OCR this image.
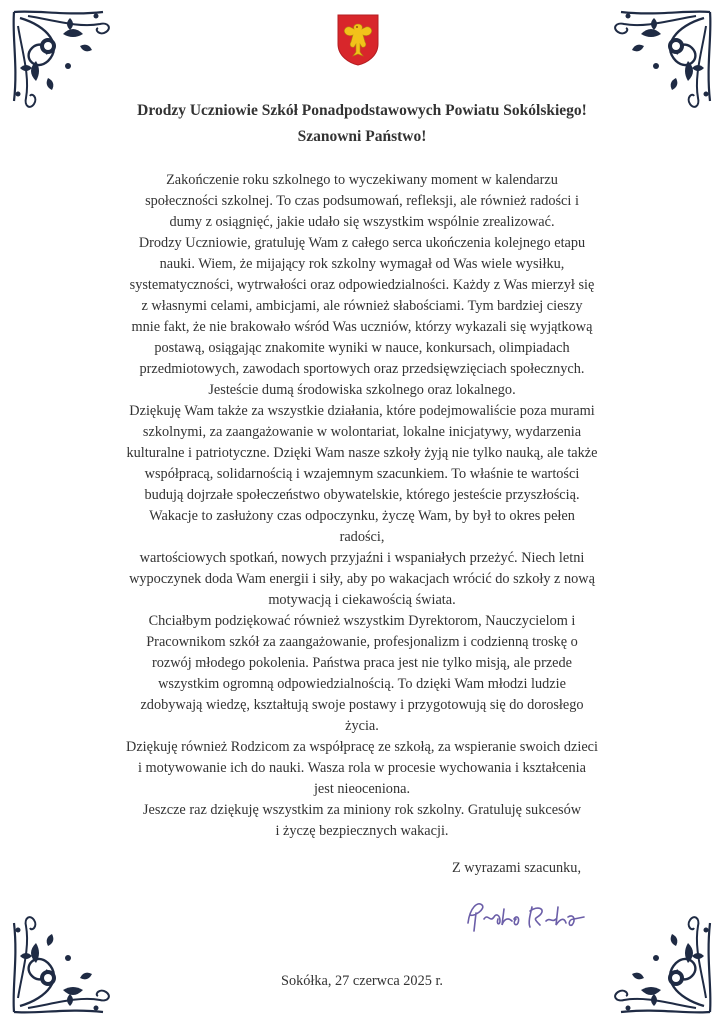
Drodzy Uczniowie Szkół Ponadpodstawowych Powiatu Sokólskiego!
Szanowni Państwo!

Zakończenie roku szkolnego to wyczekiwany moment w kalendarzu

społeczności szkolnej. To czas podsumowań, refleksji, ale również radości i

dumy z osiągnięć, jakie udało się wszystkim wspólnie zrealizować.

Drodzy Uczniowie, gratuluję Wam z całego serca ukończenia kolejnego etapu

nauki. Wiem, że mijający rok szkolny wymagał od Was wiele wysiłku,

systematyczności, wytrwałości oraz odpowiedzialności. Każdy z Was mierzył się

z własnymi celami, ambicjami, ale również słabościami. Tym bardziej cieszy

mnie fakt, że nie brakowało wśród Was uczniów, którzy wykazali się wyjątkową

postawą, osiągając znakomite wyniki w nauce, konkursach, olimpiadach

przedmiotowych, zawodach sportowych oraz przedsięwzięciach społecznych.

Jesteście dumą środowiska szkolnego oraz lokalnego.

Dziękuję Wam także za wszystkie działania, które podejmowaliście poza murami

szkolnymi, za zaangażowanie w wolontariat, lokalne inicjatywy, wydarzenia

kulturalne i patriotyczne. Dzięki Wam nasze szkoły żyją nie tylko nauką, ale także

współpracą, solidarnością i wzajemnym szacunkiem. To właśnie te wartości

budują dojrzałe społeczeństwo obywatelskie, którego jesteście przyszłością.

Wakacje to zasłużony czas odpoczynku, życzę Wam, by był to okres pełen

radości,

wartościowych spotkań, nowych przyjaźni i wspaniałych przeżyć. Niech letni

wypoczynek doda Wam energii i siły, aby po wakacjach wrócić do szkoły z nową

motywacją i ciekawością świata.

Chciałbym podziękować również wszystkim Dyrektorom, Nauczycielom i

Pracownikom szkół za zaangażowanie, profesjonalizm i codzienną troskę o

rozwój młodego pokolenia. Państwa praca jest nie tylko misją, ale przede

wszystkim ogromną odpowiedzialnością. To dzięki Wam młodzi ludzie

zdobywają wiedzę, kształtują swoje postawy i przygotowują się do dorosłego

życia.

Dziękuję również Rodzicom za współpracę ze szkołą, za wspieranie swoich dzieci

i motywowanie ich do nauki. Wasza rola w procesie wychowania i kształcenia

jest nieoceniona.

Jeszcze raz dziękuję wszystkim za miniony rok szkolny. Gratuluję sukcesów

i życzę bezpiecznych wakacji.

Z wyrazami szacunku,
Sokółka, 27 czerwca 2025 r.
